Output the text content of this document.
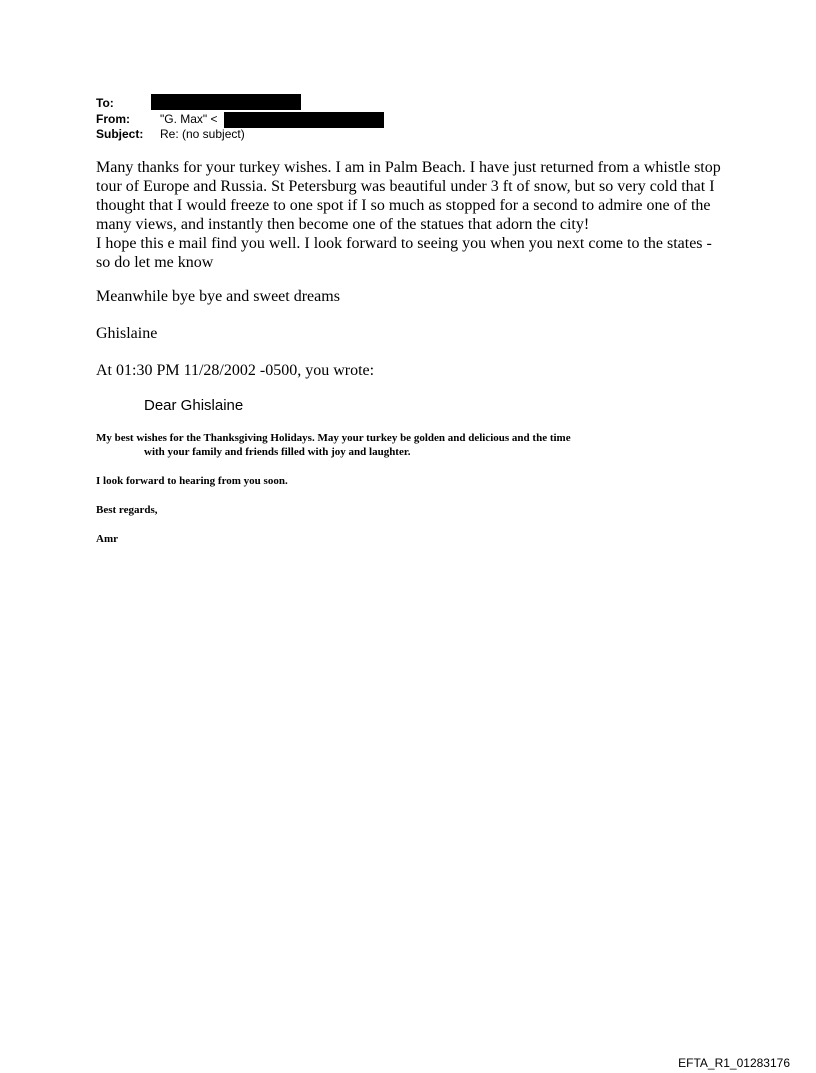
To:
From:	"G. Max" <
Subject: Re: (no subject)
Many thanks for your turkey wishes. I am in Palm Beach. I have just returned from a whistle stop
tour of Europe and Russia. St Petersburg was beautiful under 3 ft of snow, but so very cold that I
thought that I would freeze to one spot if I so much as stopped for a second to admire one of the
many views, and instantly then become one of the statues that adorn the city!
I hope this e mail find you well. I look forward to seeing you when you next come to the states -
so do let me know
Meanwhile bye bye and sweet dreams
Ghislaine
At 01:30 PM 11/28/2002 -0500, you wrote:
Dear Ghislaine
My best wishes for the Thanksgiving Holidays. May your turkey be golden and delicious and the time
with your family and friends filled with joy and laughter.
I look forward to hearing from you soon.
Best regards,
Amr
EFTA_R1_01283176
